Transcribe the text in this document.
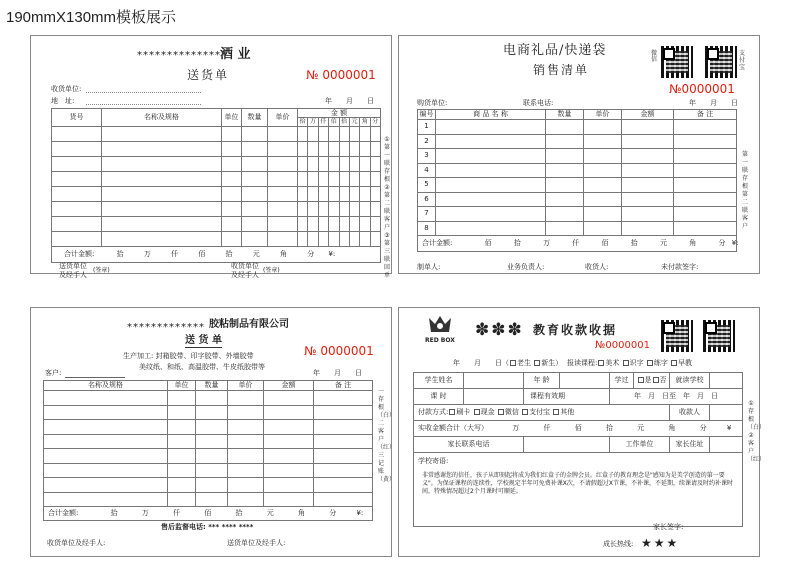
190mmX130mm模板展示
***************
酒 业
送货单	№ 0000001
收货单位:
地　址:	年　　月　　日
货号	名称及规格	单位	数量	单价	金 额							
					拾	万	仟	佰	拾	元	角	分

合计金额: 拾 万 仟 佰 拾 元 角 分 ¥:												
①第一联存根②第二联客户③第三联回单
送货单位
及经手人
(签章)
收货单位
及经手人
(签章)
电商礼品/快递袋
销售清单
微信
支付宝
№0000001
购货单位:	联系电话:	年　　月　　日
编号	商 品 名 称	数量	单价	金额	备 注
1					
2					
3					
4					
5					
6					
7					
8					
合计金额: 佰 拾 万 仟 佰 拾 元 角 分 ¥:					
第一联存根第二联客户
制单人:	业务负责人:	收货人:	未付款签字:
************* 胶粘制品有限公司
送 货 单
№ 0000001
生产加工: 封箱胶带、印字胶带、外墙胶带
美纹纸、和纸、高温胶带、牛皮纸胶带等
客户:	年　　月　　日
名称及规格	单位	数量	单价	金额	备 注

合计金额: 拾 万 仟 佰 拾 元 角 分 ¥:					
一存根（白）二客户（红）三记账（黄）
售后监督电话: *** **** ****
收货单位及经手人:	送货单位及经手人:
RED BOX
✽✽✽ 教育收款收据
№0000001
年　　月　　日（ 老生 新生） 报读课程: 美术 识字 练字 早教
学生姓名		年 龄		学过	是 否	就读学校	
课 时		课程有效期		年　月　日至　年　月　日			
付款方式: 刷卡 现金 微信 支付宝 其他						收款人	
实收金额合计（大写） 万 仟 佰 拾 元 角 分 ¥							
家长联系电话				工作单位		家长住址	

学校寄语:
非常感谢您的信任，孩子从即刻起将成为我们红盒子的金牌会员。红盒子的教育理念是"感知为是美学创造的第一要义"。为保证课程的连续性，学校规定半年可免费补课X次，不请假超过X节课，不补课，不延期，续课请及时约补课时间，特殊情况超过2个月课时可顺延。							
①存根（白）②客户（红）
家长签字:
成长热线: ★★★
